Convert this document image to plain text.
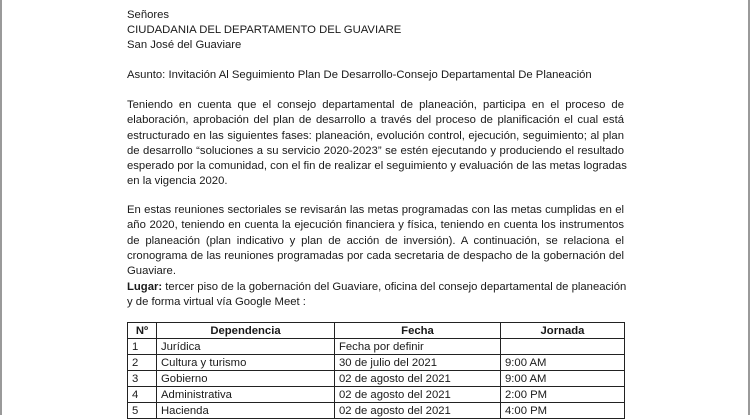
Señores
CIUDADANIA DEL DEPARTAMENTO DEL GUAVIARE
San José del Guaviare
Asunto: Invitación Al Seguimiento Plan De Desarrollo-Consejo Departamental De Planeación
Teniendo en cuenta que el consejo departamental de planeación, participa en el proceso de
elaboración, aprobación del plan de desarrollo a través del proceso de planificación el cual está
estructurado en las siguientes fases: planeación, evolución control, ejecución, seguimiento; al plan
de desarrollo “soluciones a su servicio 2020-2023” se estén ejecutando y produciendo el resultado
esperado por la comunidad, con el fin de realizar el seguimiento y evaluación de las metas logradas
en la vigencia 2020.
En estas reuniones sectoriales se revisarán las metas programadas con las metas cumplidas en el
año 2020, teniendo en cuenta la ejecución financiera y física, teniendo en cuenta los instrumentos
de planeación (plan indicativo y plan de acción de inversión). A continuación, se relaciona el
cronograma de las reuniones programadas por cada secretaria de despacho de la gobernación del
Guaviare.
Lugar: tercer piso de la gobernación del Guaviare, oficina del consejo departamental de planeación
y de forma virtual vía Google Meet :
Nº	Dependencia	Fecha	Jornada
1	Jurídica	Fecha por definir	
2	Cultura y turismo	30 de julio del 2021	9:00 AM
3	Gobierno	02 de agosto del 2021	9:00 AM
4	Administrativa	02 de agosto del 2021	2:00 PM
5	Hacienda	02 de agosto del 2021	4:00 PM
